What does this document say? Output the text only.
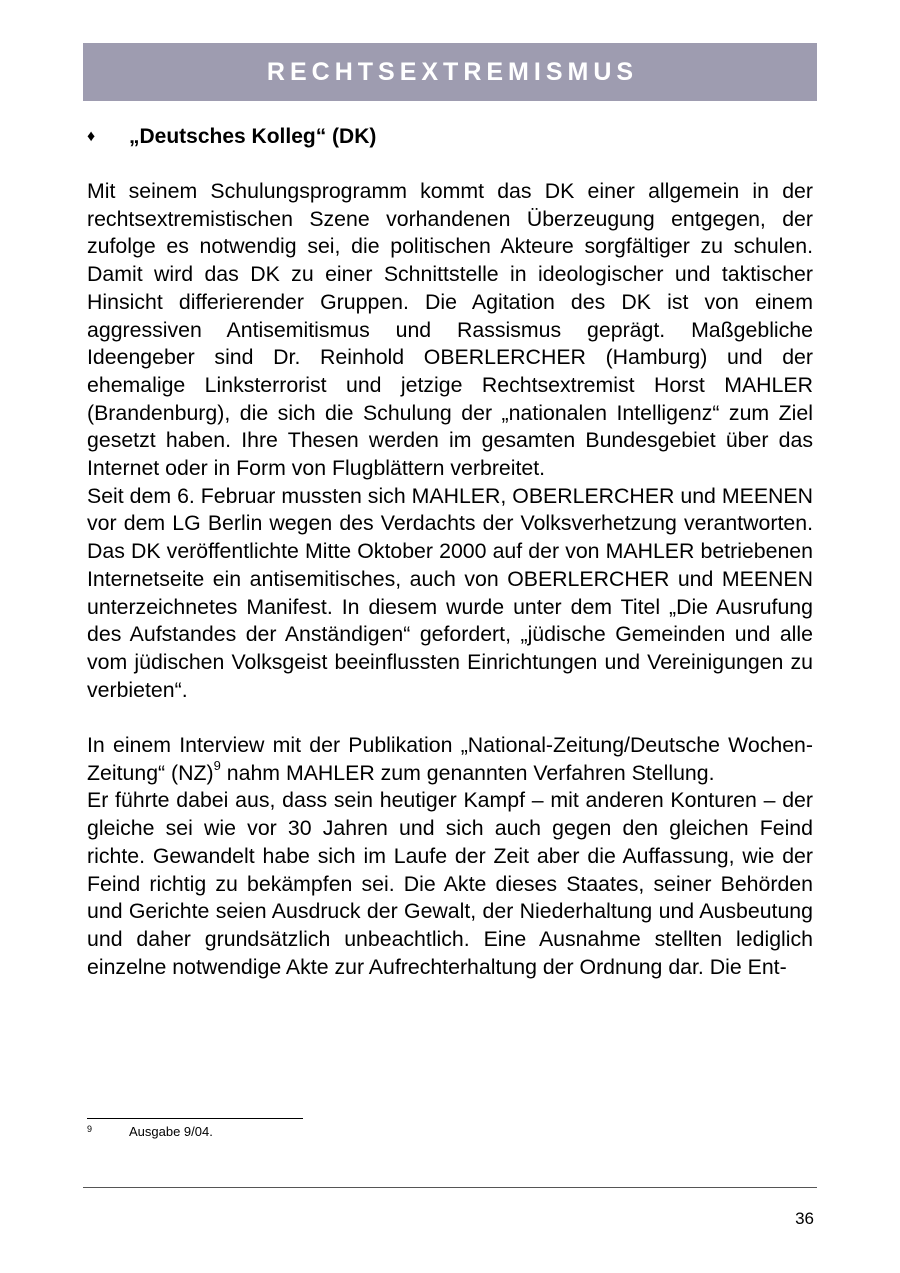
RECHTSEXTREMISMUS
♦	„Deutsches Kolleg“ (DK)

Mit seinem Schulungsprogramm kommt das DK einer allgemein in der rechtsextremistischen Szene vorhandenen Überzeugung entgegen, der zufolge es notwendig sei, die politischen Akteure sorgfältiger zu schulen. Damit wird das DK zu einer Schnittstelle in ideologischer und taktischer Hinsicht differierender Gruppen. Die Agitation des DK ist von einem aggressiven Antisemitismus und Rassismus geprägt. Maßgebliche Ideengeber sind Dr. Reinhold OBERLERCHER (Hamburg) und der ehemalige Linksterrorist und jetzige Rechtsextremist Horst MAHLER (Brandenburg), die sich die Schulung der „nationalen Intelligenz“ zum Ziel gesetzt haben. Ihre Thesen werden im gesamten Bundesgebiet über das Internet oder in Form von Flugblättern verbreitet.

Seit dem 6. Februar mussten sich MAHLER, OBERLERCHER und MEENEN vor dem LG Berlin wegen des Verdachts der Volksverhetzung verantworten. Das DK veröffentlichte Mitte Oktober 2000 auf der von MAHLER betriebenen Internetseite ein antisemitisches, auch von OBERLERCHER und MEENEN unterzeichnetes Manifest. In diesem wurde unter dem Titel „Die Ausrufung des Aufstandes der Anständigen“ gefordert, „jüdische Gemeinden und alle vom jüdischen Volksgeist beeinflussten Einrichtungen und Vereinigungen zu verbieten“.

In einem Interview mit der Publikation „National-Zeitung/Deutsche Wochen-Zeitung“ (NZ)$^9$ nahm MAHLER zum genannten Verfahren Stellung.

Er führte dabei aus, dass sein heutiger Kampf – mit anderen Konturen – der gleiche sei wie vor 30 Jahren und sich auch gegen den gleichen Feind richte. Gewandelt habe sich im Laufe der Zeit aber die Auffassung, wie der Feind richtig zu bekämpfen sei. Die Akte dieses Staates, seiner Behörden und Gerichte seien Ausdruck der Gewalt, der Niederhaltung und Ausbeutung und daher grundsätzlich unbeachtlich. Eine Ausnahme stellten lediglich einzelne notwendige Akte zur Aufrechterhaltung der Ordnung dar. Die Ent-

9	Ausgabe 9/04.
36
